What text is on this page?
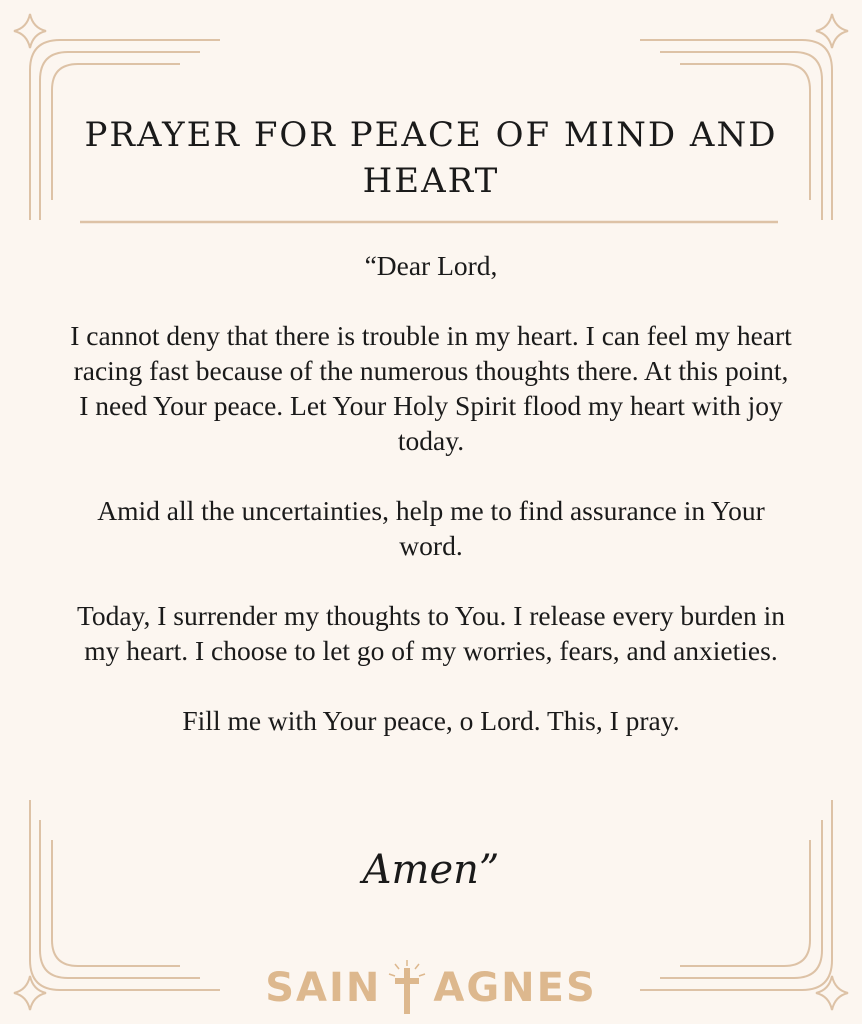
PRAYER FOR PEACE OF MIND AND HEART

“Dear Lord,

I cannot deny that there is trouble in my heart. I can feel my heart racing fast because of the numerous thoughts there. At this point, I need Your peace. Let Your Holy Spirit flood my heart with joy today.

Amid all the uncertainties, help me to find assurance in Your word.

Today, I surrender my thoughts to You. I release every burden in my heart. I choose to let go of my worries, fears, and anxieties.

Fill me with Your peace, o Lord. This, I pray.

Amen”
SAIN AGNES
